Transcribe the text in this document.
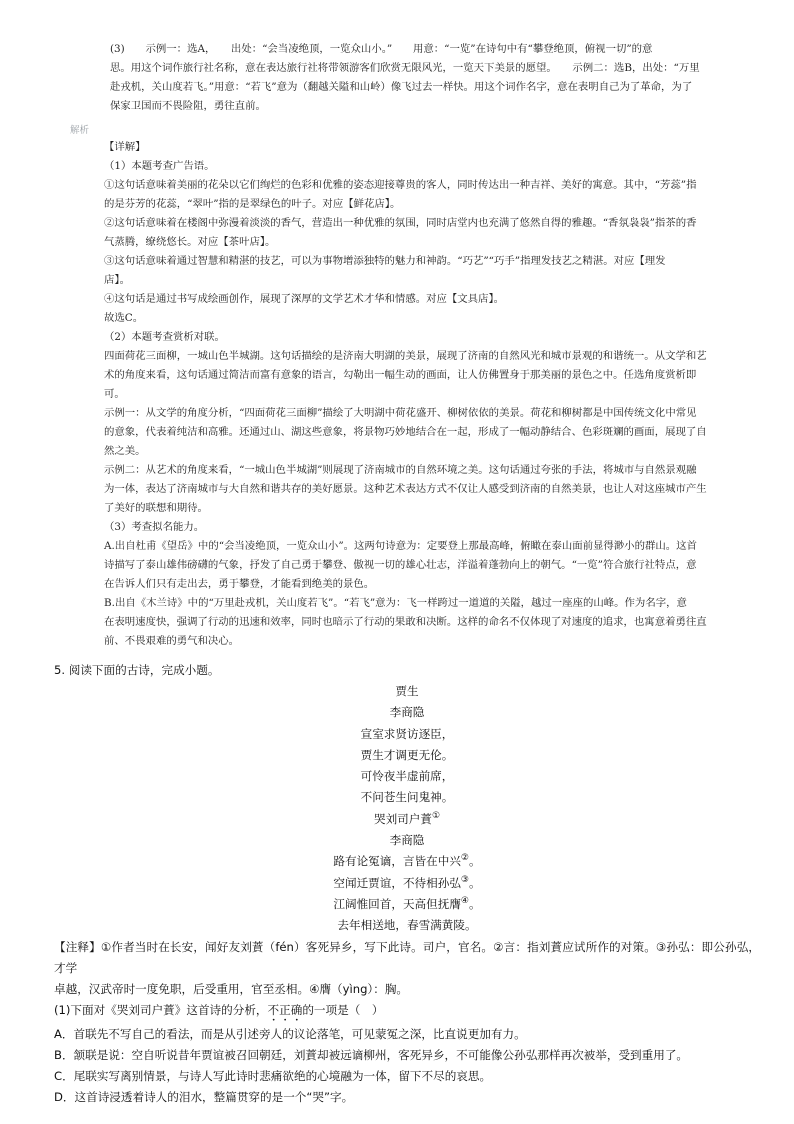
(3)　　示例一：选A，　　出处：“会当凌绝顶，一览众山小。”　　用意：“一览”在诗句中有“攀登绝顶，俯视一切”的意

思。用这个词作旅行社名称，意在表达旅行社将带领游客们欣赏无限风光，一览天下美景的愿望。　　示例二：选B，出处：“万里

赴戎机，关山度若飞。”用意：“若飞”意为（翻越关隘和山岭）像飞过去一样快。用这个词作名字，意在表明自己为了革命，为了

保家卫国而不畏险阻，勇往直前。

解析

【详解】

（1）本题考查广告语。

①这句话意味着美丽的花朵以它们绚烂的色彩和优雅的姿态迎接尊贵的客人，同时传达出一种吉祥、美好的寓意。其中，“芳蕊”指

的是芬芳的花蕊，“翠叶”指的是翠绿色的叶子。对应【鲜花店】。

②这句话意味着在楼阁中弥漫着淡淡的香气，营造出一种优雅的氛围，同时店堂内也充满了悠然自得的雅趣。“香氛袅袅”指茶的香

气蒸腾，缭绕悠长。对应【茶叶店】。

③这句话意味着通过智慧和精湛的技艺，可以为事物增添独特的魅力和神韵。“巧艺”“巧手”指理发技艺之精湛。对应【理发

店】。

④这句话是通过书写成绘画创作，展现了深厚的文学艺术才华和情感。对应【文具店】。

故选C。

（2）本题考查赏析对联。

四面荷花三面柳，一城山色半城湖。这句话描绘的是济南大明湖的美景，展现了济南的自然风光和城市景观的和谐统一。从文学和艺

术的角度来看，这句话通过简洁而富有意象的语言，勾勒出一幅生动的画面，让人仿佛置身于那美丽的景色之中。任选角度赏析即

可。

示例一：从文学的角度分析，“四面荷花三面柳”描绘了大明湖中荷花盛开、柳树依依的美景。荷花和柳树都是中国传统文化中常见

的意象，代表着纯洁和高雅。还通过山、湖这些意象，将景物巧妙地结合在一起，形成了一幅动静结合、色彩斑斓的画面，展现了自

然之美。

示例二：从艺术的角度来看，“一城山色半城湖”则展现了济南城市的自然环境之美。这句话通过夸张的手法，将城市与自然景观融

为一体，表达了济南城市与大自然和谐共存的美好愿景。这种艺术表达方式不仅让人感受到济南的自然美景，也让人对这座城市产生

了美好的联想和期待。

（3）考查拟名能力。

A.出自杜甫《望岳》中的“会当凌绝顶，一览众山小”。这两句诗意为：定要登上那最高峰，俯瞰在泰山面前显得渺小的群山。这首

诗描写了泰山雄伟磅礴的气象，抒发了自己勇于攀登、傲视一切的雄心壮志，洋溢着蓬勃向上的朝气。“一览”符合旅行社特点，意

在告诉人们只有走出去，勇于攀登，才能看到绝美的景色。

B.出自《木兰诗》中的“万里赴戎机，关山度若飞”。“若飞”意为：飞一样跨过一道道的关隘，越过一座座的山峰。作为名字，意

在表明速度快，强调了行动的迅速和效率，同时也暗示了行动的果敢和决断。这样的命名不仅体现了对速度的追求，也寓意着勇往直

前、不畏艰难的勇气和决心。

5. 阅读下面的古诗，完成小题。

贾生
李商隐
宣室求贤访逐臣，
贾生才调更无伦。
可怜夜半虚前席，
不问苍生问鬼神。
哭刘司户蕡①
李商隐
路有论冤谪，言皆在中兴②。
空闻迁贾谊，不待相孙弘③。
江阔惟回首，天高但抚膺④。
去年相送地，春雪满黄陵。

【注释】①作者当时在长安，闻好友刘蕡（fén）客死异乡，写下此诗。司户，官名。②言：指刘蕡应试所作的对策。③孙弘：即公孙弘，才学

卓越，汉武帝时一度免职，后受重用，官至丞相。④膺（yìng）：胸。

(1)下面对《哭刘司户蕡》这首诗的分析，不正确的一项是（　）

A．首联先不写自己的看法，而是从引述旁人的议论落笔，可见蒙冤之深，比直说更加有力。

B．颔联是说：空自听说昔年贾谊被召回朝廷，刘蕡却被远谪柳州，客死异乡，不可能像公孙弘那样再次被举，受到重用了。

C．尾联实写离别情景，与诗人写此诗时悲痛欲绝的心境融为一体，留下不尽的哀思。

D．这首诗浸透着诗人的泪水，整篇贯穿的是一个“哭”字。
